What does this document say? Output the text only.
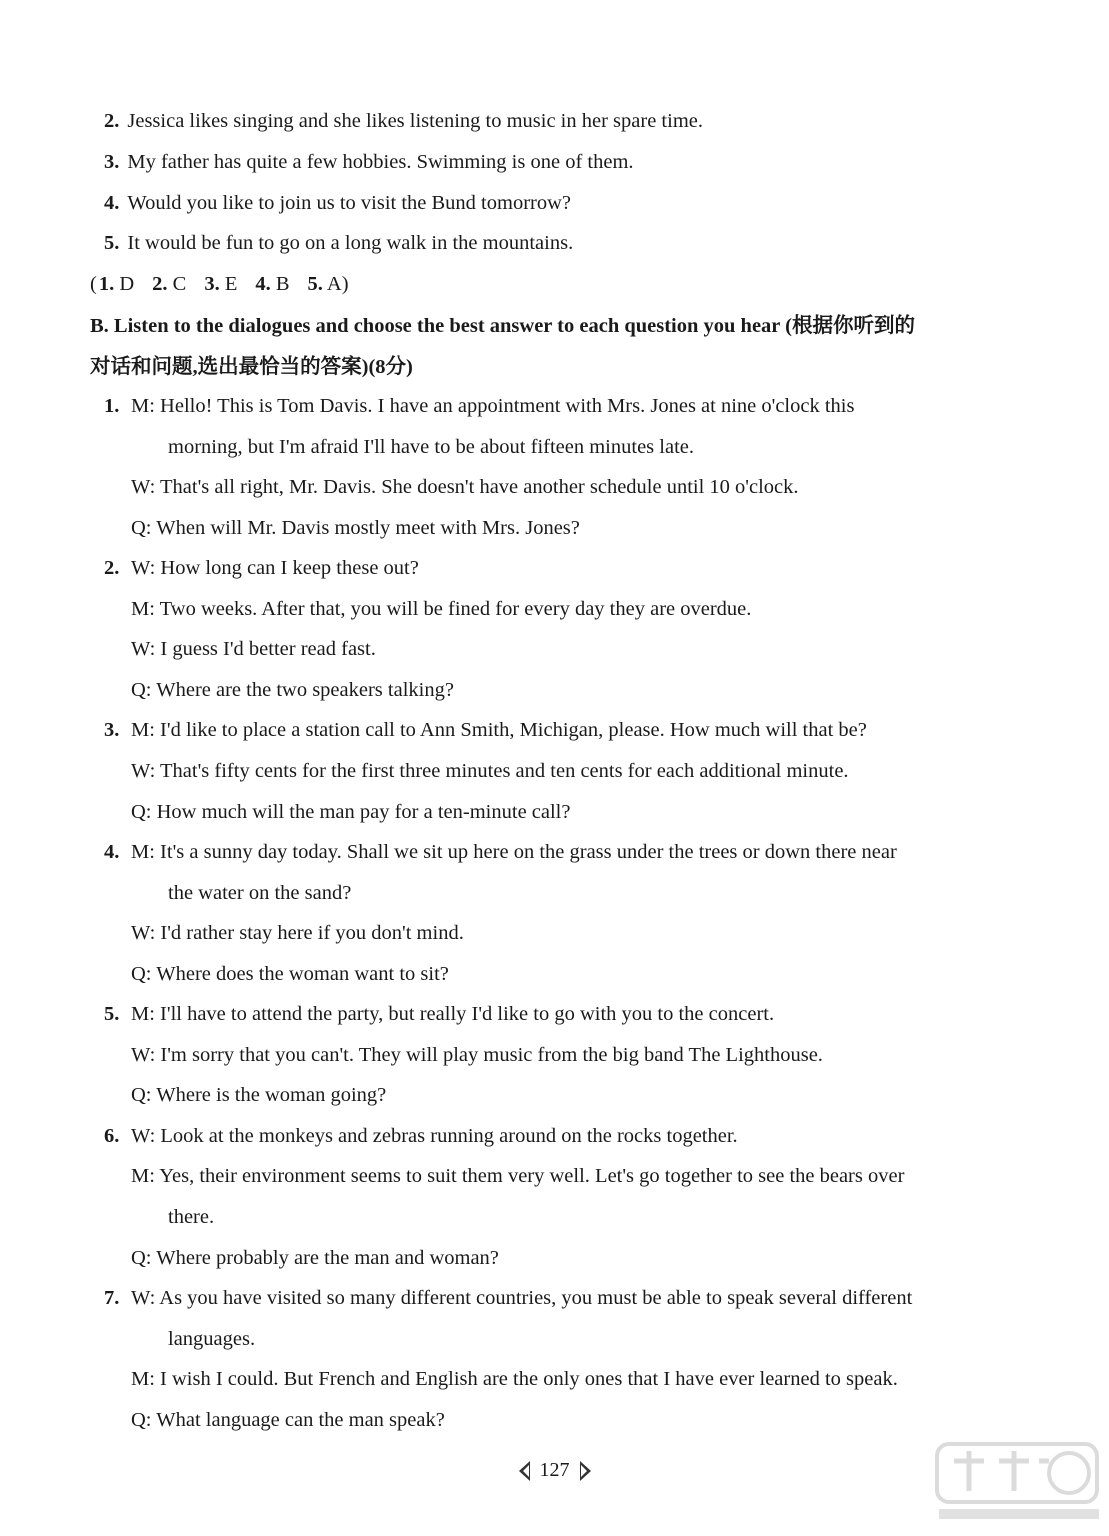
2. Jessica likes singing and she likes listening to music in her spare time.
3. My father has quite a few hobbies. Swimming is one of them.
4. Would you like to join us to visit the Bund tomorrow?
5. It would be fun to go on a long walk in the mountains.
(1. D 2. C 3. E 4. B 5. A)
B. Listen to the dialogues and choose the best answer to each question you hear (根据你听到的
对话和问题,选出最恰当的答案)(8分)
1. M: Hello! This is Tom Davis. I have an appointment with Mrs. Jones at nine o'clock this
morning, but I'm afraid I'll have to be about fifteen minutes late.
W: That's all right, Mr. Davis. She doesn't have another schedule until 10 o'clock.
Q: When will Mr. Davis mostly meet with Mrs. Jones?
2. W: How long can I keep these out?
M: Two weeks. After that, you will be fined for every day they are overdue.
W: I guess I'd better read fast.
Q: Where are the two speakers talking?
3. M: I'd like to place a station call to Ann Smith, Michigan, please. How much will that be?
W: That's fifty cents for the first three minutes and ten cents for each additional minute.
Q: How much will the man pay for a ten-minute call?
4. M: It's a sunny day today. Shall we sit up here on the grass under the trees or down there near
the water on the sand?
W: I'd rather stay here if you don't mind.
Q: Where does the woman want to sit?
5. M: I'll have to attend the party, but really I'd like to go with you to the concert.
W: I'm sorry that you can't. They will play music from the big band The Lighthouse.
Q: Where is the woman going?
6. W: Look at the monkeys and zebras running around on the rocks together.
M: Yes, their environment seems to suit them very well. Let's go together to see the bears over
there.
Q: Where probably are the man and woman?
7. W: As you have visited so many different countries, you must be able to speak several different
languages.
M: I wish I could. But French and English are the only ones that I have ever learned to speak.
Q: What language can the man speak?
127
